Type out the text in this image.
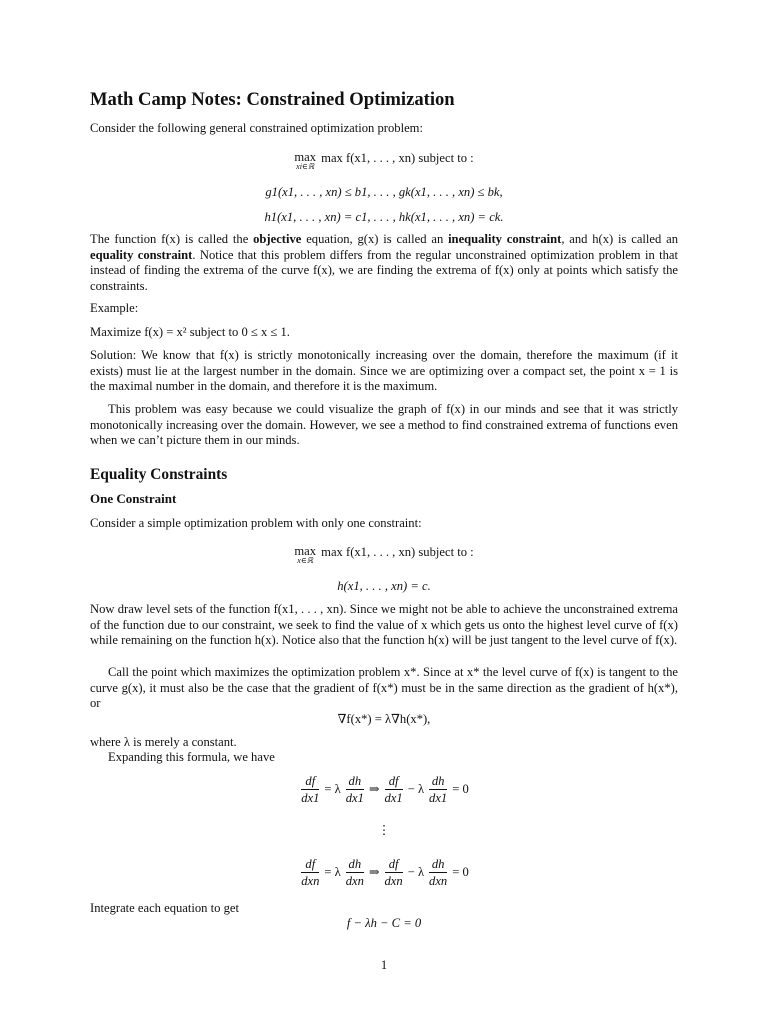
Math Camp Notes: Constrained Optimization

Consider the following general constrained optimization problem:

max
xi∈ℝ
max f(x1, . . . , xn) subject to :

g1(x1, . . . , xn) ≤ b1, . . . , gk(x1, . . . , xn) ≤ bk,

h1(x1, . . . , xn) = c1, . . . , hk(x1, . . . , xn) = ck.

The function f(x) is called the objective equation, g(x) is called an inequality constraint, and h(x) is called an equality constraint. Notice that this problem differs from the regular unconstrained optimization problem in that instead of finding the extrema of the curve f(x), we are finding the extrema of f(x) only at points which satisfy the constraints.

Example:

Maximize f(x) = x² subject to 0 ≤ x ≤ 1.

Solution: We know that f(x) is strictly monotonically increasing over the domain, therefore the maximum (if it exists) must lie at the largest number in the domain. Since we are optimizing over a compact set, the point x = 1 is the maximal number in the domain, and therefore it is the maximum.

This problem was easy because we could visualize the graph of f(x) in our minds and see that it was strictly monotonically increasing over the domain. However, we see a method to find constrained extrema of functions even when we can’t picture them in our minds.

Equality Constraints
One Constraint

Consider a simple optimization problem with only one constraint:

max
x∈ℝ
max f(x1, . . . , xn) subject to :

h(x1, . . . , xn) = c.

Now draw level sets of the function f(x1, . . . , xn). Since we might not be able to achieve the unconstrained extrema of the function due to our constraint, we seek to find the value of x which gets us onto the highest level curve of f(x) while remaining on the function h(x). Notice also that the function h(x) will be just tangent to the level curve of f(x).

Call the point which maximizes the optimization problem x*. Since at x* the level curve of f(x) is tangent to the curve g(x), it must also be the case that the gradient of f(x*) must be in the same direction as the gradient of h(x*), or

∇f(x*) = λ∇h(x*),

where λ is merely a constant.

Expanding this formula, we have

$\frac{df}{dx1} = \lambda \frac{dh}{dx1}$ ⇒ $\frac{df}{dx1} - \lambda \frac{dh}{dx1} = 0$

⋮

$\frac{df}{\text{dxn}} = \lambda \frac{dh}{\text{dxn}}$ ⇒ $\frac{df}{\text{dxn}} - \lambda \frac{dh}{\text{dxn}} = 0$

Integrate each equation to get

f − λh − C = 0

1
